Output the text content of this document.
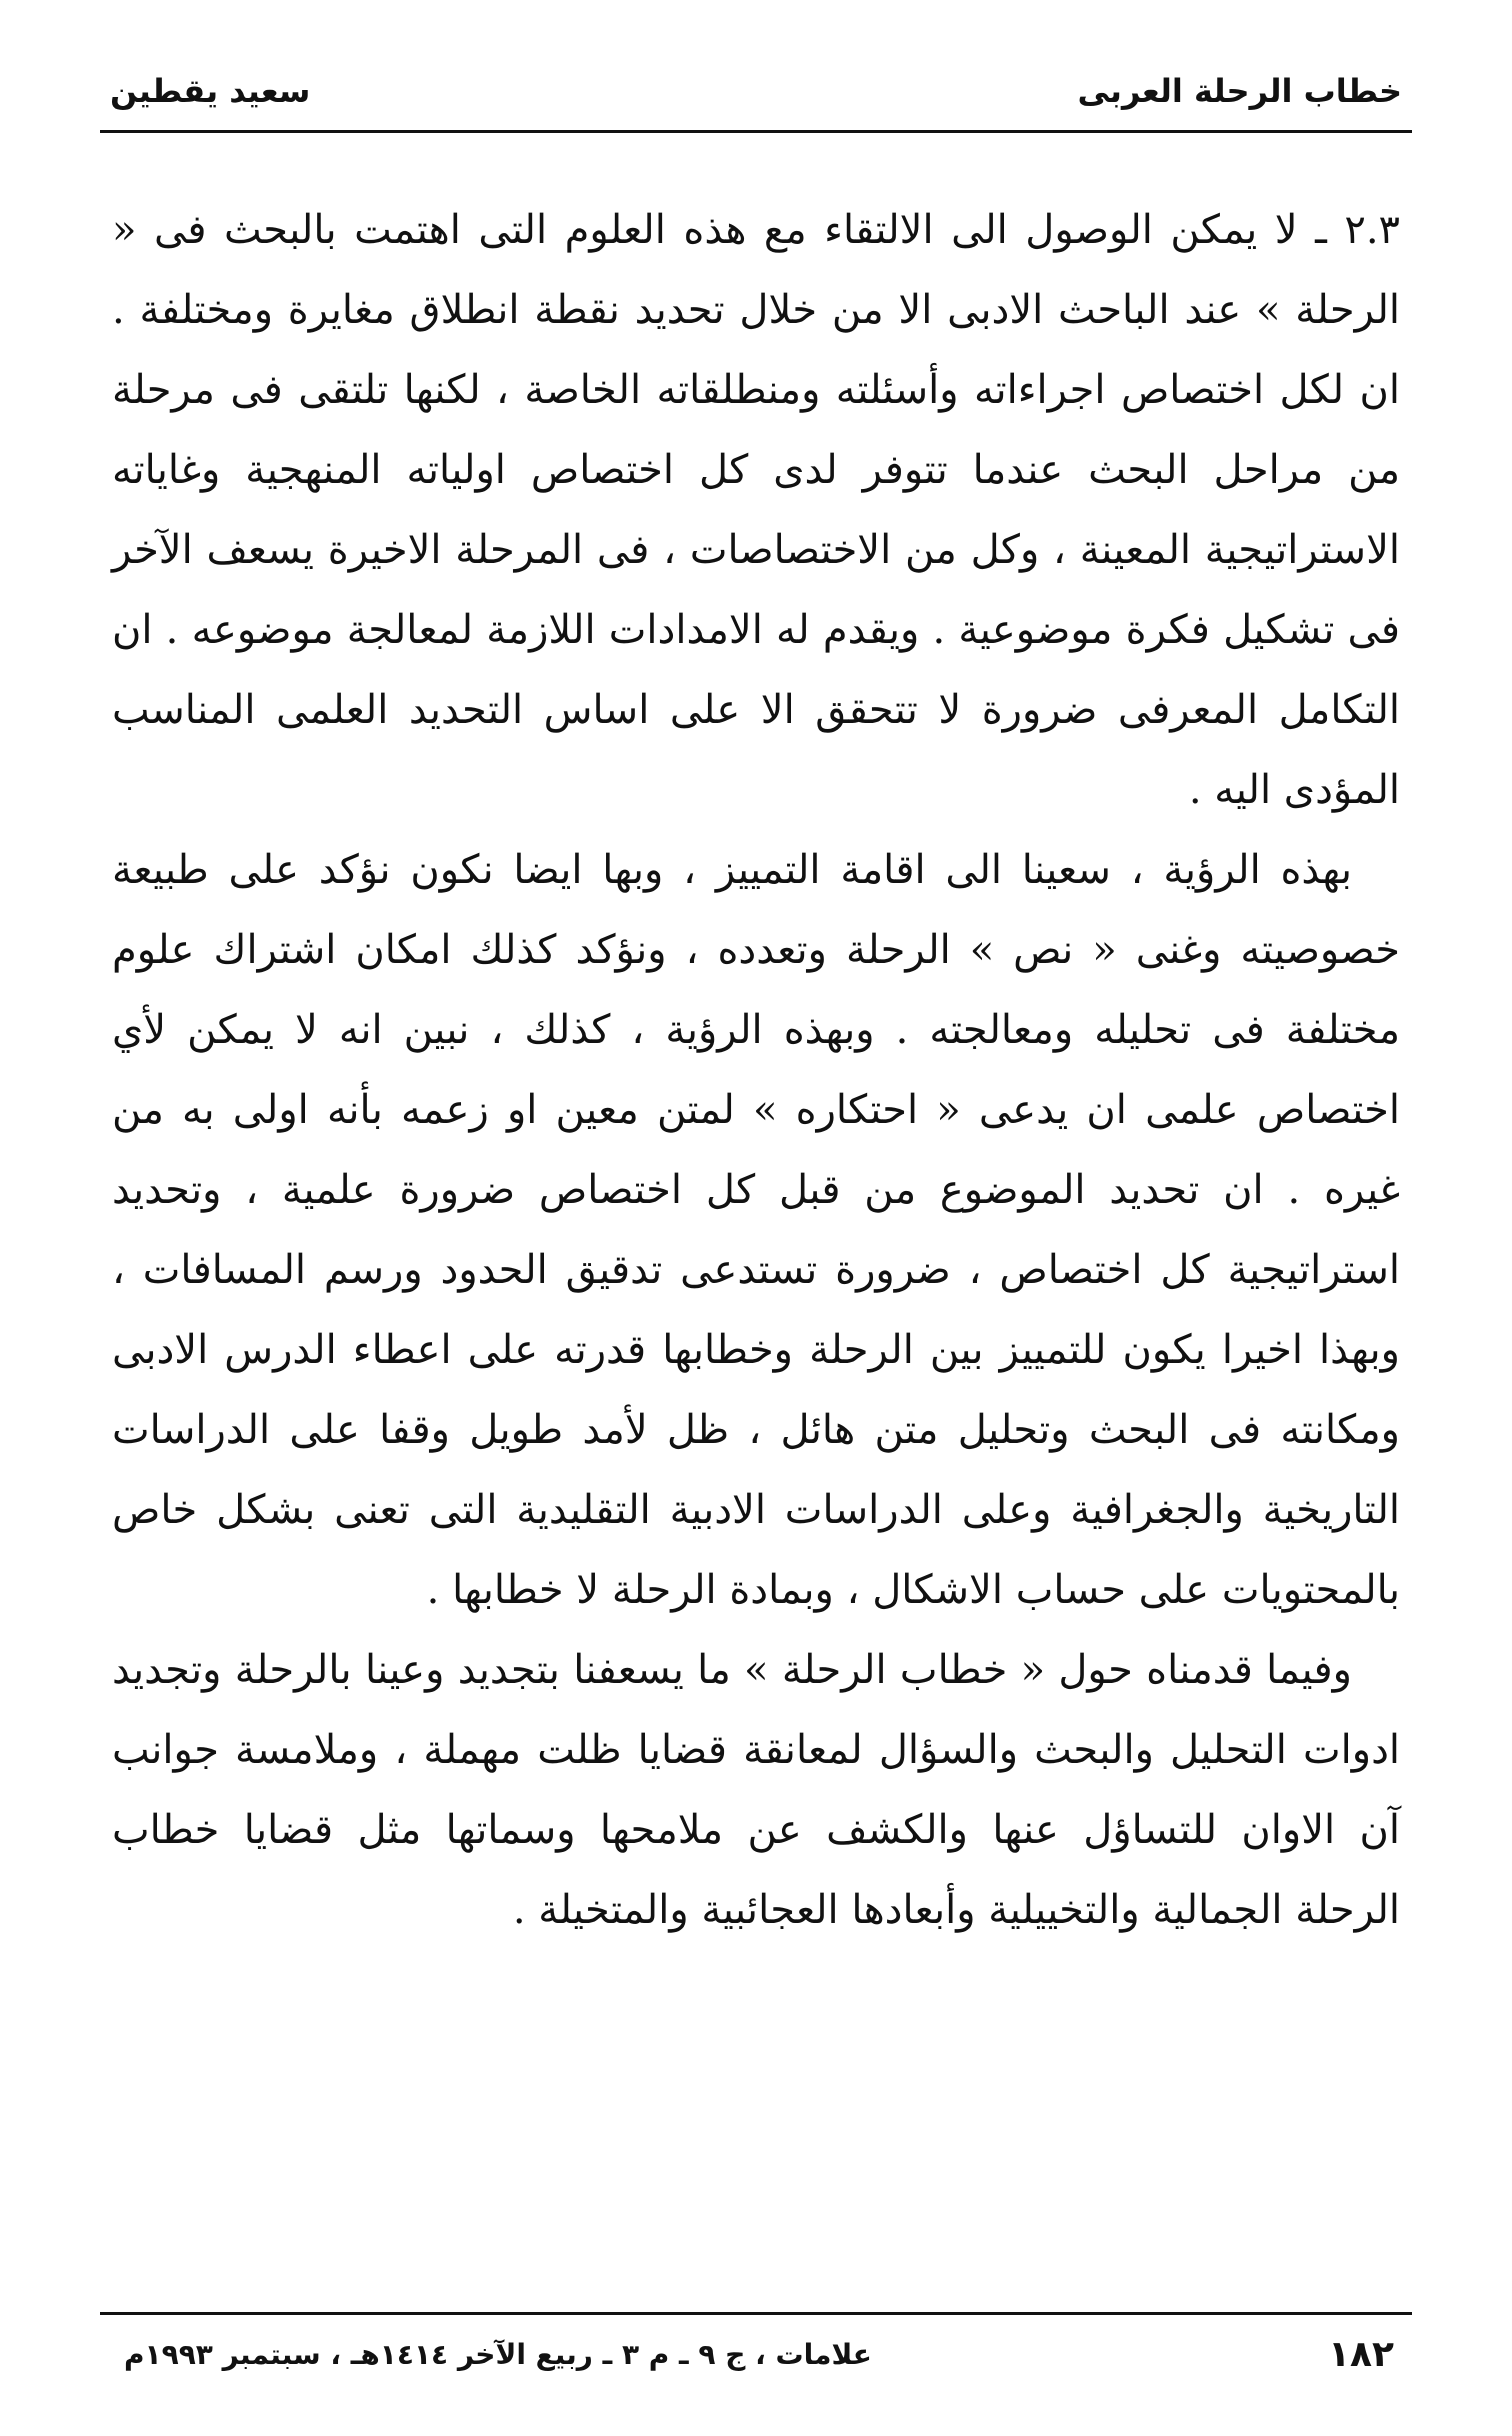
خطاب الرحلة العربى
سعيد يقطين

٢.٣ ـ لا يمكن الوصول الى الالتقاء مع هذه العلوم التى اهتمت بالبحث فى « الرحلة » عند الباحث الادبى الا من خلال تحديد نقطة انطلاق مغايرة ومختلفة . ان لكل اختصاص اجراءاته وأسئلته ومنطلقاته الخاصة ، لكنها تلتقى فى مرحلة من مراحل البحث عندما تتوفر لدى كل اختصاص اولياته المنهجية وغاياته الاستراتيجية المعينة ، وكل من الاختصاصات ، فى المرحلة الاخيرة يسعف الآخر فى تشكيل فكرة موضوعية . ويقدم له الامدادات اللازمة لمعالجة موضوعه . ان التكامل المعرفى ضرورة لا تتحقق الا على اساس التحديد العلمى المناسب المؤدى اليه .

بهذه الرؤية ، سعينا الى اقامة التمييز ، وبها ايضا نكون نؤكد على طبيعة خصوصيته وغنى « نص » الرحلة وتعدده ، ونؤكد كذلك امكان اشتراك علوم مختلفة فى تحليله ومعالجته . وبهذه الرؤية ، كذلك ، نبين انه لا يمكن لأي اختصاص علمى ان يدعى « احتكاره » لمتن معين او زعمه بأنه اولى به من غيره . ان تحديد الموضوع من قبل كل اختصاص ضرورة علمية ، وتحديد استراتيجية كل اختصاص ، ضرورة تستدعى تدقيق الحدود ورسم المسافات ، وبهذا اخيرا يكون للتمييز بين الرحلة وخطابها قدرته على اعطاء الدرس الادبى ومكانته فى البحث وتحليل متن هائل ، ظل لأمد طويل وقفا على الدراسات التاريخية والجغرافية وعلى الدراسات الادبية التقليدية التى تعنى بشكل خاص بالمحتويات على حساب الاشكال ، وبمادة الرحلة لا خطابها .

وفيما قدمناه حول « خطاب الرحلة » ما يسعفنا بتجديد وعينا بالرحلة وتجديد ادوات التحليل والبحث والسؤال لمعانقة قضايا ظلت مهملة ، وملامسة جوانب آن الاوان للتساؤل عنها والكشف عن ملامحها وسماتها مثل قضايا خطاب الرحلة الجمالية والتخييلية وأبعادها العجائبية والمتخيلة .

١٨٢
علامات ، ج ٩ ـ م ٣ ـ ربيع الآخر ١٤١٤هـ ، سبتمبر ١٩٩٣م
